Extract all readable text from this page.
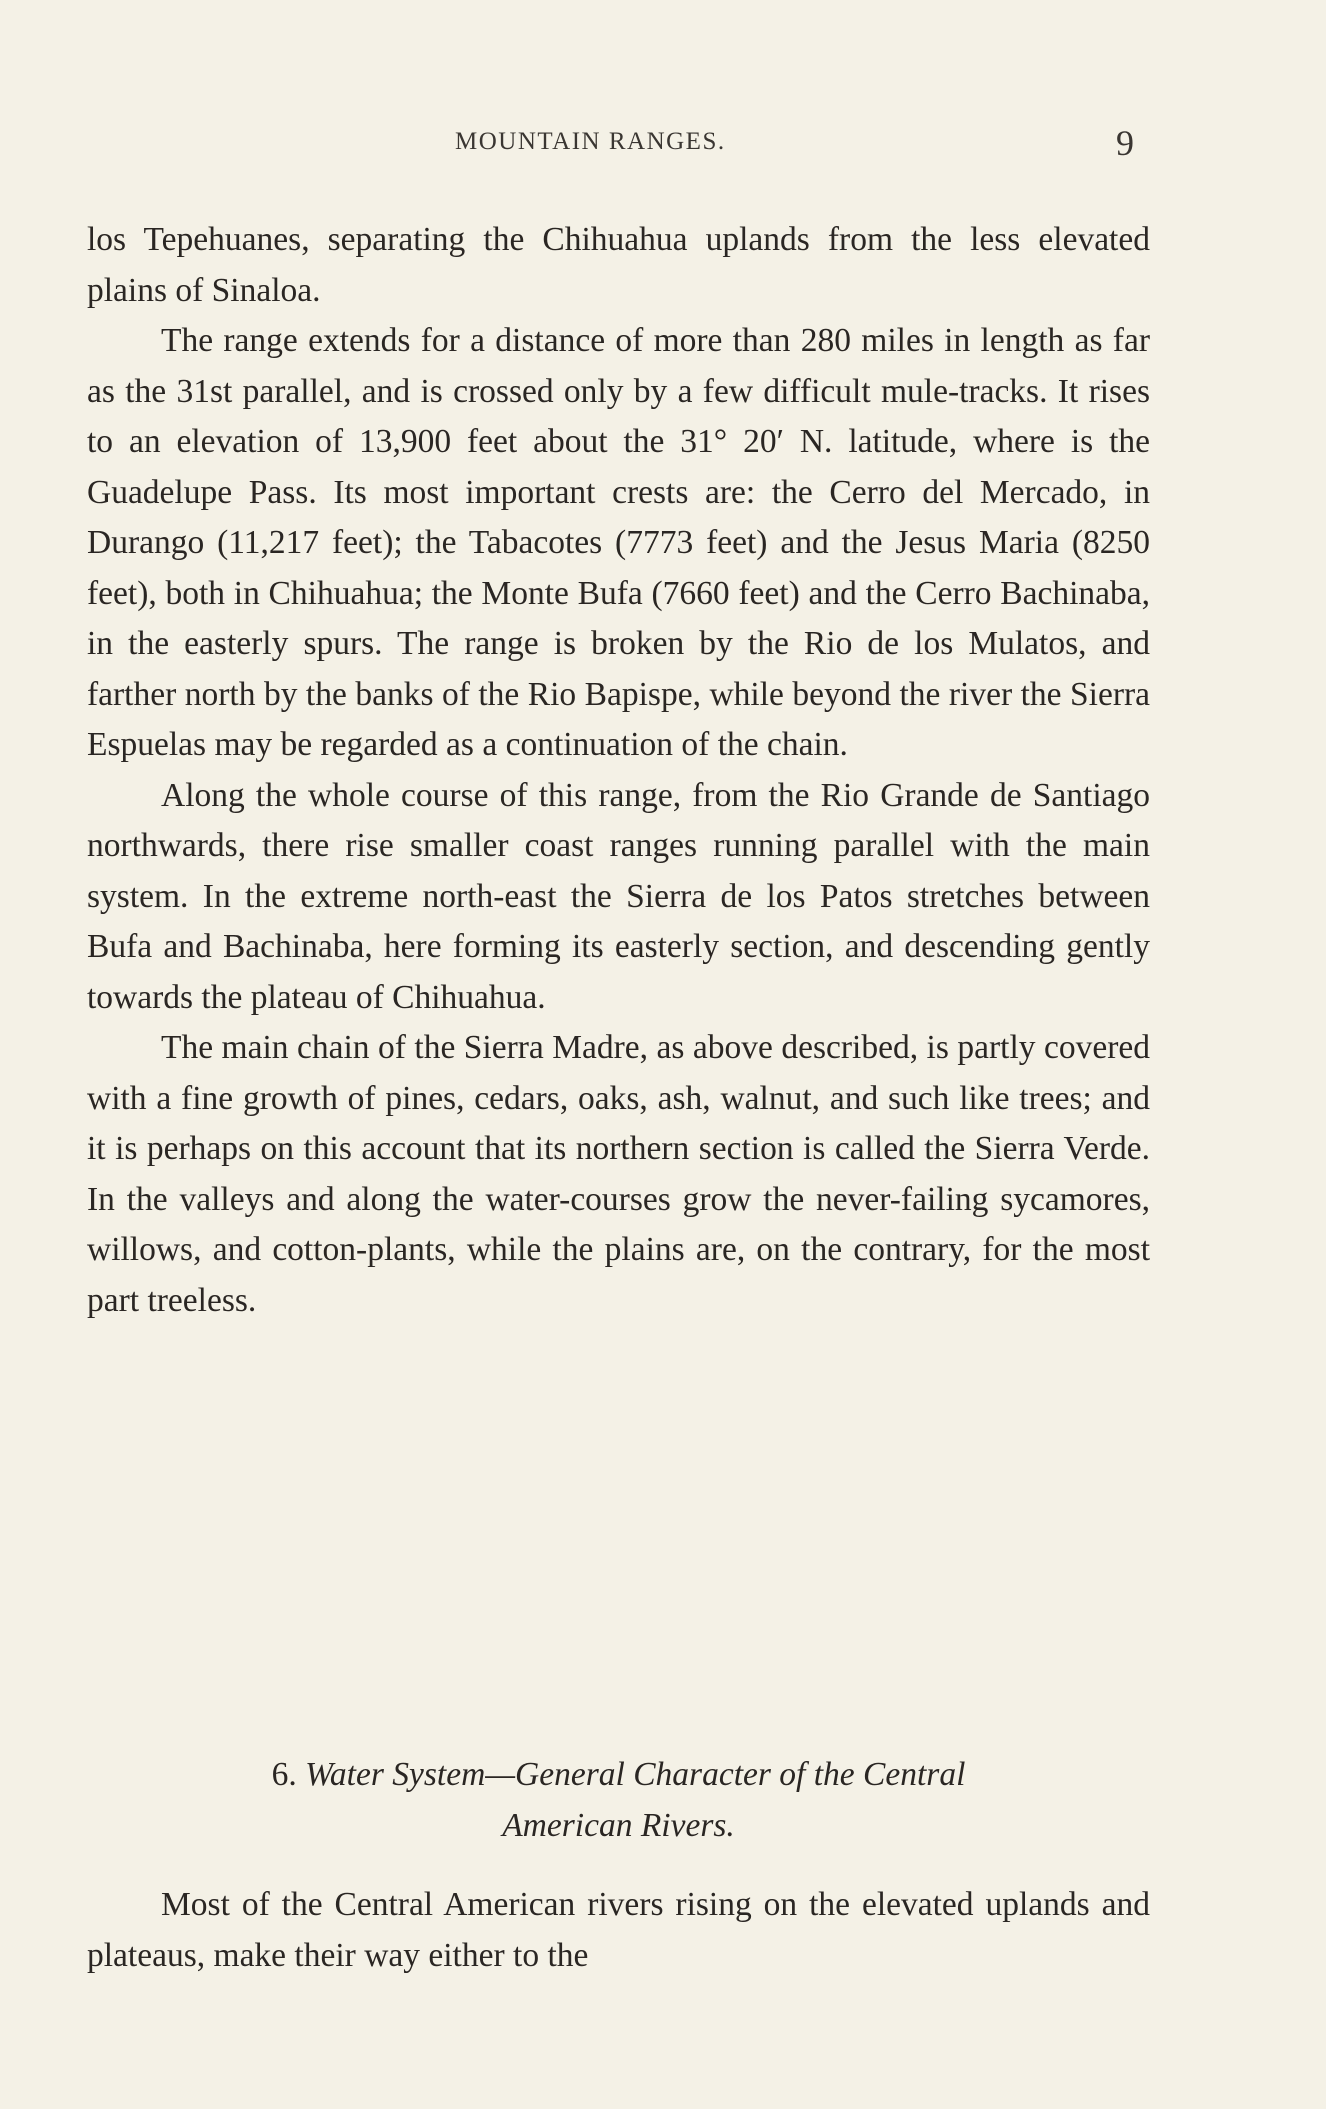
MOUNTAIN RANGES.	9

los Tepehuanes, separating the Chihuahua uplands from the less elevated plains of Sinaloa.

The range extends for a distance of more than 280 miles in length as far as the 31st parallel, and is crossed only by a few difficult mule-tracks. It rises to an elevation of 13,900 feet about the 31° 20′ N. latitude, where is the Guadelupe Pass. Its most important crests are: the Cerro del Mercado, in Durango (11,217 feet); the Tabacotes (7773 feet) and the Jesus Maria (8250 feet), both in Chihuahua; the Monte Bufa (7660 feet) and the Cerro Bachinaba, in the easterly spurs. The range is broken by the Rio de los Mulatos, and farther north by the banks of the Rio Bapispe, while beyond the river the Sierra Espuelas may be regarded as a continuation of the chain.

Along the whole course of this range, from the Rio Grande de Santiago northwards, there rise smaller coast ranges running parallel with the main system. In the extreme north-east the Sierra de los Patos stretches between Bufa and Bachinaba, here forming its easterly section, and descending gently towards the plateau of Chihuahua.

The main chain of the Sierra Madre, as above described, is partly covered with a fine growth of pines, cedars, oaks, ash, walnut, and such like trees; and it is perhaps on this account that its northern section is called the Sierra Verde. In the valleys and along the water-courses grow the never-failing sycamores, willows, and cotton-plants, while the plains are, on the contrary, for the most part treeless.

6. Water System—General Character of the Central
American Rivers.

Most of the Central American rivers rising on the elevated uplands and plateaus, make their way either to the
